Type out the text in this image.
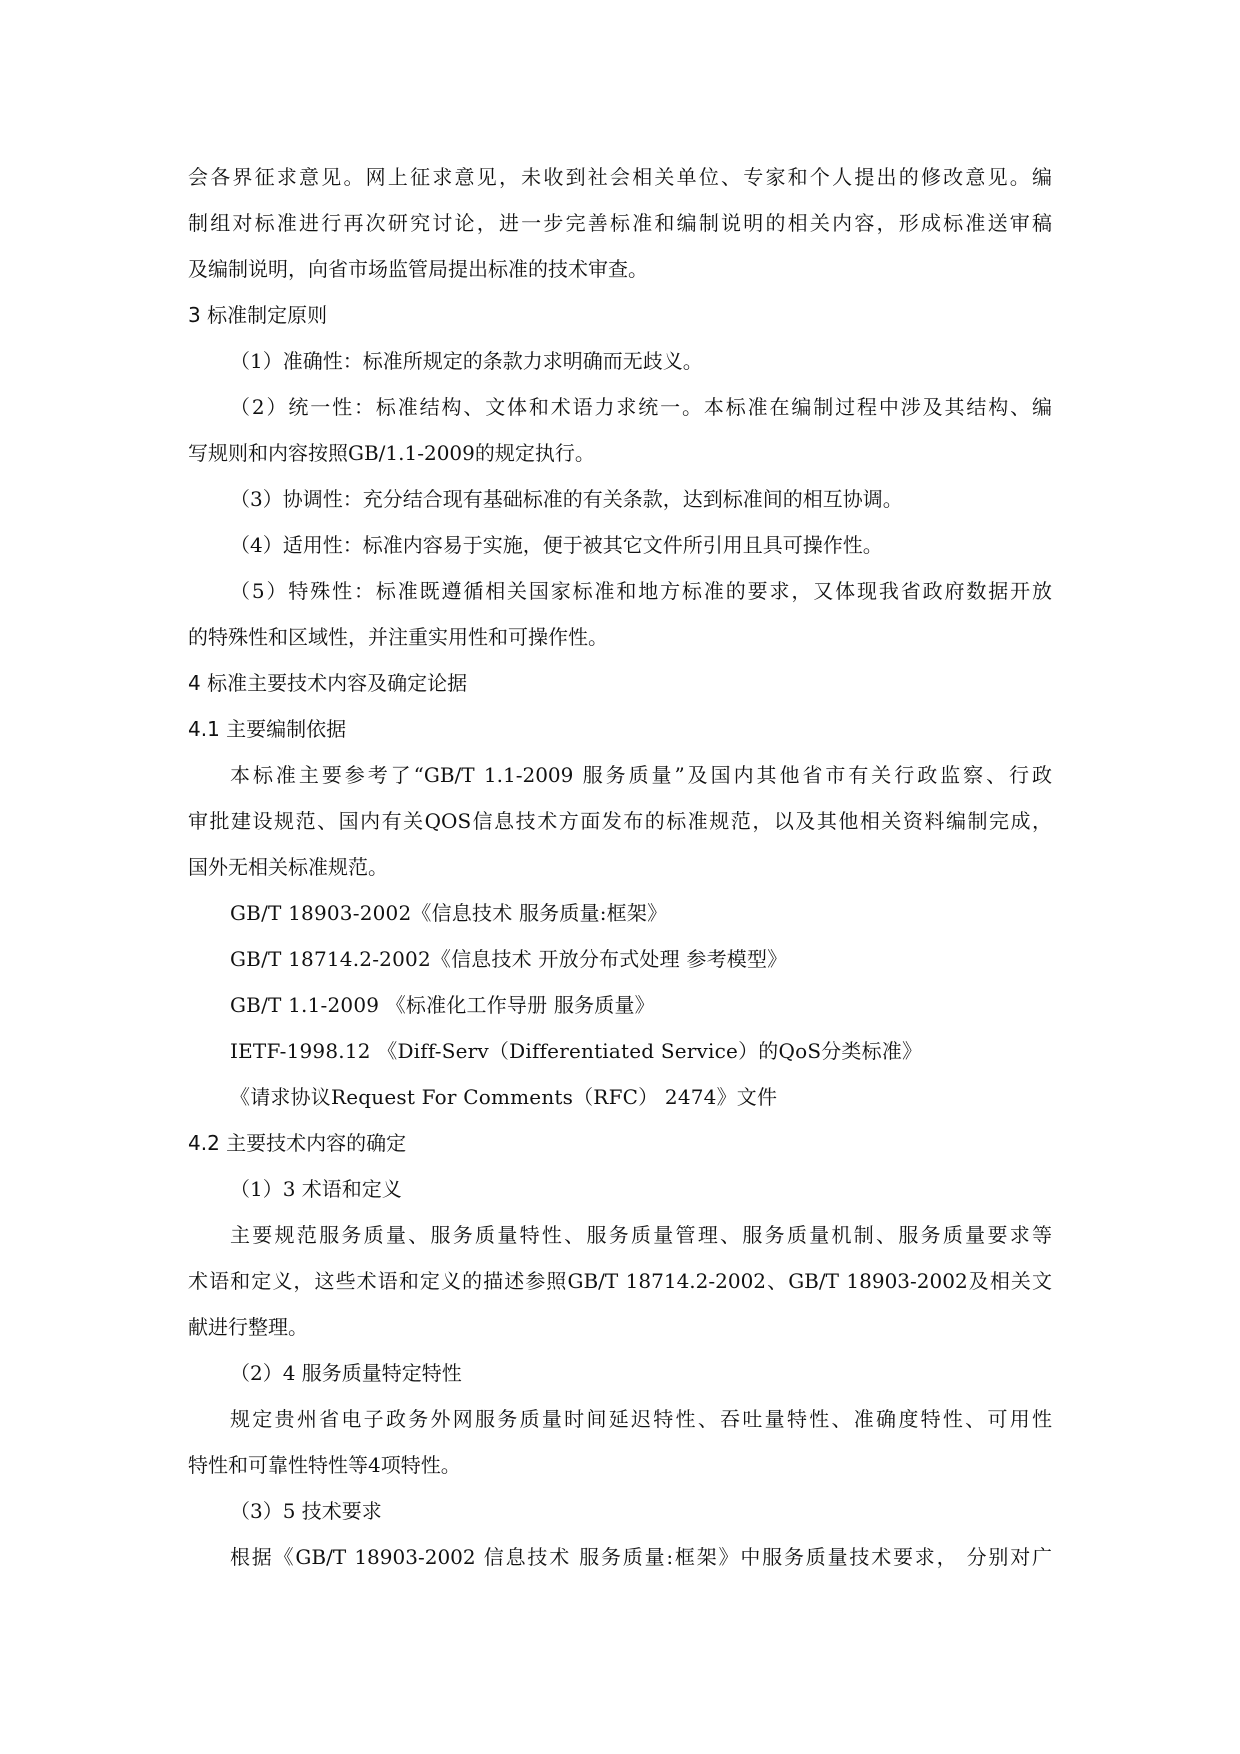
会各界征求意见。网上征求意见，未收到社会相关单位、专家和个人提出的修改意见。编

制组对标准进行再次研究讨论，进一步完善标准和编制说明的相关内容，形成标准送审稿

及编制说明，向省市场监管局提出标准的技术审查。

3 标准制定原则

（1）准确性：标准所规定的条款力求明确而无歧义。

（2）统一性：标准结构、文体和术语力求统一。本标准在编制过程中涉及其结构、编

写规则和内容按照GB/1.1-2009的规定执行。

（3）协调性：充分结合现有基础标准的有关条款，达到标准间的相互协调。

（4）适用性：标准内容易于实施，便于被其它文件所引用且具可操作性。

（5）特殊性：标准既遵循相关国家标准和地方标准的要求，又体现我省政府数据开放

的特殊性和区域性，并注重实用性和可操作性。

4 标准主要技术内容及确定论据

4.1 主要编制依据

本标准主要参考了“GB/T 1.1-2009 服务质量”及国内其他省市有关行政监察、行政

审批建设规范、国内有关QOS信息技术方面发布的标准规范，以及其他相关资料编制完成，

国外无相关标准规范。

GB/T 18903-2002《信息技术 服务质量:框架》

GB/T 18714.2-2002《信息技术 开放分布式处理 参考模型》

GB/T 1.1-2009 《标准化工作导册 服务质量》

IETF-1998.12 《Diff-Serv（Differentiated Service）的QoS分类标准》

《请求协议Request For Comments（RFC） 2474》文件

4.2 主要技术内容的确定

（1）3 术语和定义

主要规范服务质量、服务质量特性、服务质量管理、服务质量机制、服务质量要求等

术语和定义，这些术语和定义的描述参照GB/T 18714.2-2002、GB/T 18903-2002及相关文

献进行整理。

（2）4 服务质量特定特性

规定贵州省电子政务外网服务质量时间延迟特性、吞吐量特性、准确度特性、可用性

特性和可靠性特性等4项特性。

（3）5 技术要求

根据《GB/T 18903-2002 信息技术 服务质量:框架》中服务质量技术要求， 分别对广
